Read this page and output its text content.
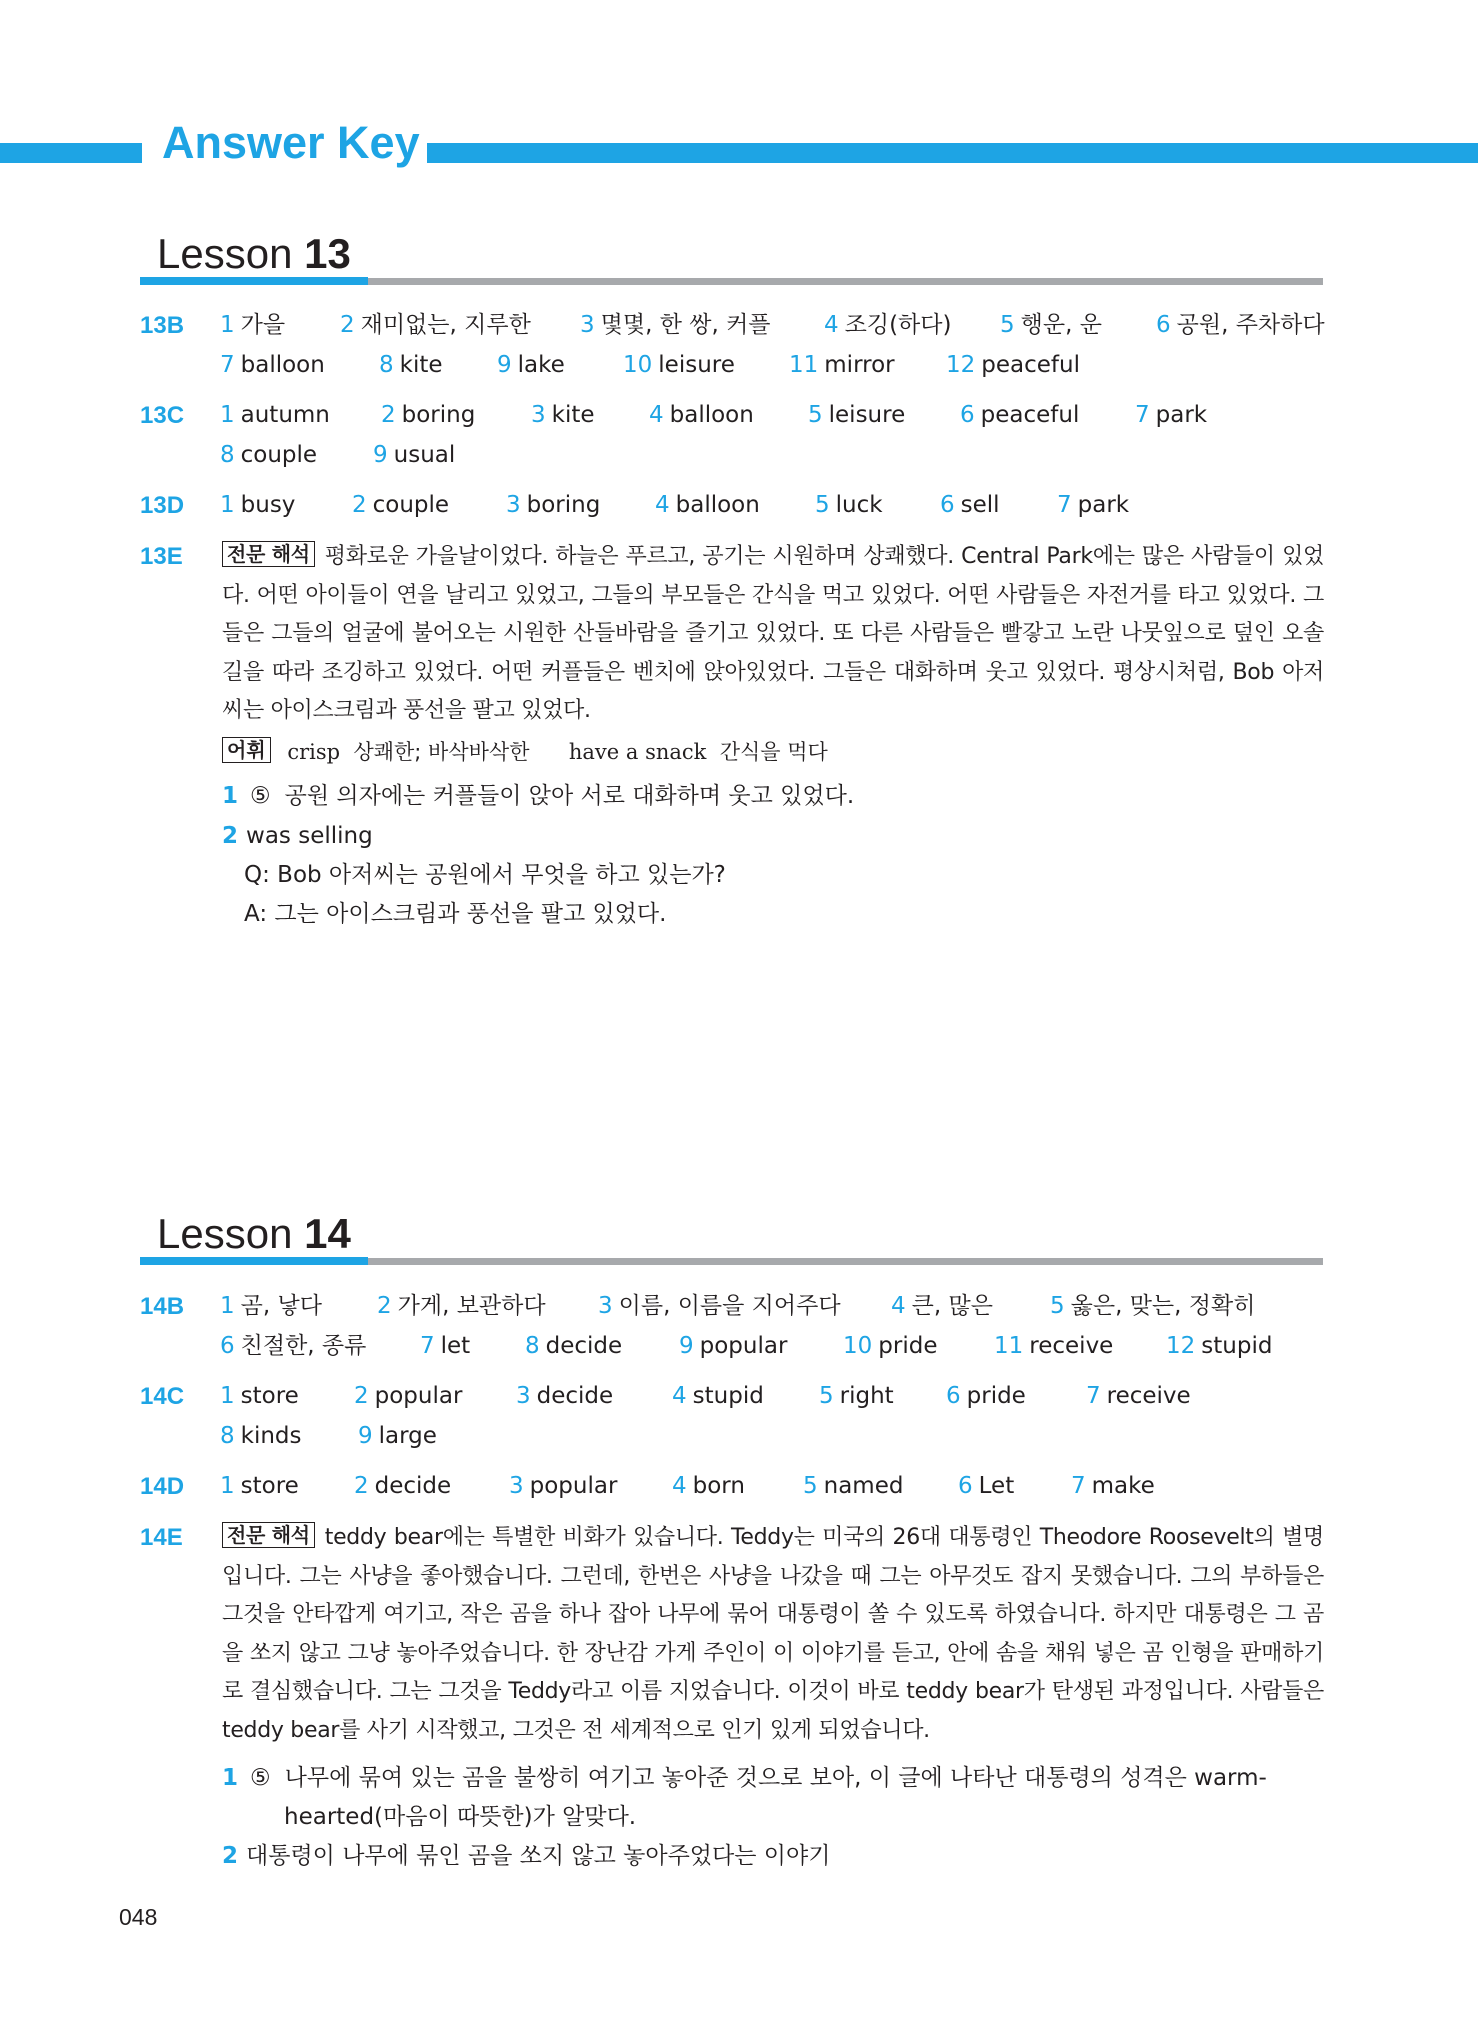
Answer Key
Lesson 13
13B 1 가을 2 재미없는, 지루한 3 몇몇, 한 쌍, 커플 4 조깅(하다) 5 행운, 운 6 공원, 주차하다
7 balloon 8 kite 9 lake	10 leisure 11 mirror 12 peaceful
13C 1 autumn 2 boring 3 kite 4 balloon 5 leisure 6 peaceful 7 park
8 couple 9 usual
13D 1 busy 2 couple 3 boring 4 balloon 5 luck 6 sell 7 park
13E 전문 해석 평화로운 가을날이었다. 하늘은 푸르고, 공기는 시원하며 상쾌했다. Central Park에는 많은 사람들이 있었다. 어떤 아이들이 연을 날리고 있었고, 그들의 부모들은 간식을 먹고 있었다. 어떤 사람들은 자전거를 타고 있었다. 그들은 그들의 얼굴에 불어오는 시원한 산들바람을 즐기고 있었다. 또 다른 사람들은 빨갛고 노란 나뭇잎으로 덮인 오솔길을 따라 조깅하고 있었다. 어떤 커플들은 벤치에 앉아있었다. 그들은 대화하며 웃고 있었다. 평상시처럼, Bob 아저씨는 아이스크림과 풍선을 팔고 있었다.
어휘 crisp 상쾌한; 바삭바삭한 have a snack 간식을 먹다
1 ⑤ 공원 의자에는 커플들이 앉아 서로 대화하며 웃고 있었다.
2 was selling
Q: Bob 아저씨는 공원에서 무엇을 하고 있는가?
A: 그는 아이스크림과 풍선을 팔고 있었다.
Lesson 14
14B 1 곰, 낳다 2 가게, 보관하다 3 이름, 이름을 지어주다 4 큰, 많은 5 옳은, 맞는, 정확히
6 친절한, 종류 7 let 8 decide 9 popular 10 pride 11 receive 12 stupid
14C 1 store 2 popular 3 decide	4 stupid 5 right 6 pride	7 receive
8 kinds 9 large
14D 1 store 2 decide	3 popular 4 born	5 named 6 Let 7 make
14E 전문 해석 teddy bear에는 특별한 비화가 있습니다. Teddy는 미국의 26대 대통령인 Theodore Roosevelt의 별명입니다. 그는 사냥을 좋아했습니다. 그런데, 한번은 사냥을 나갔을 때 그는 아무것도 잡지 못했습니다. 그의 부하들은 그것을 안타깝게 여기고, 작은 곰을 하나 잡아 나무에 묶어 대통령이 쏠 수 있도록 하였습니다. 하지만 대통령은 그 곰을 쏘지 않고 그냥 놓아주었습니다. 한 장난감 가게 주인이 이 이야기를 듣고, 안에 솜을 채워 넣은 곰 인형을 판매하기로 결심했습니다. 그는 그것을 Teddy라고 이름 지었습니다. 이것이 바로 teddy bear가 탄생된 과정입니다. 사람들은 teddy bear를 사기 시작했고, 그것은 전 세계적으로 인기 있게 되었습니다.
1 ⑤ 나무에 묶여 있는 곰을 불쌍히 여기고 놓아준 것으로 보아, 이 글에 나타난 대통령의 성격은 warm-
hearted(마음이 따뜻한)가 알맞다.
2 대통령이 나무에 묶인 곰을 쏘지 않고 놓아주었다는 이야기
048
